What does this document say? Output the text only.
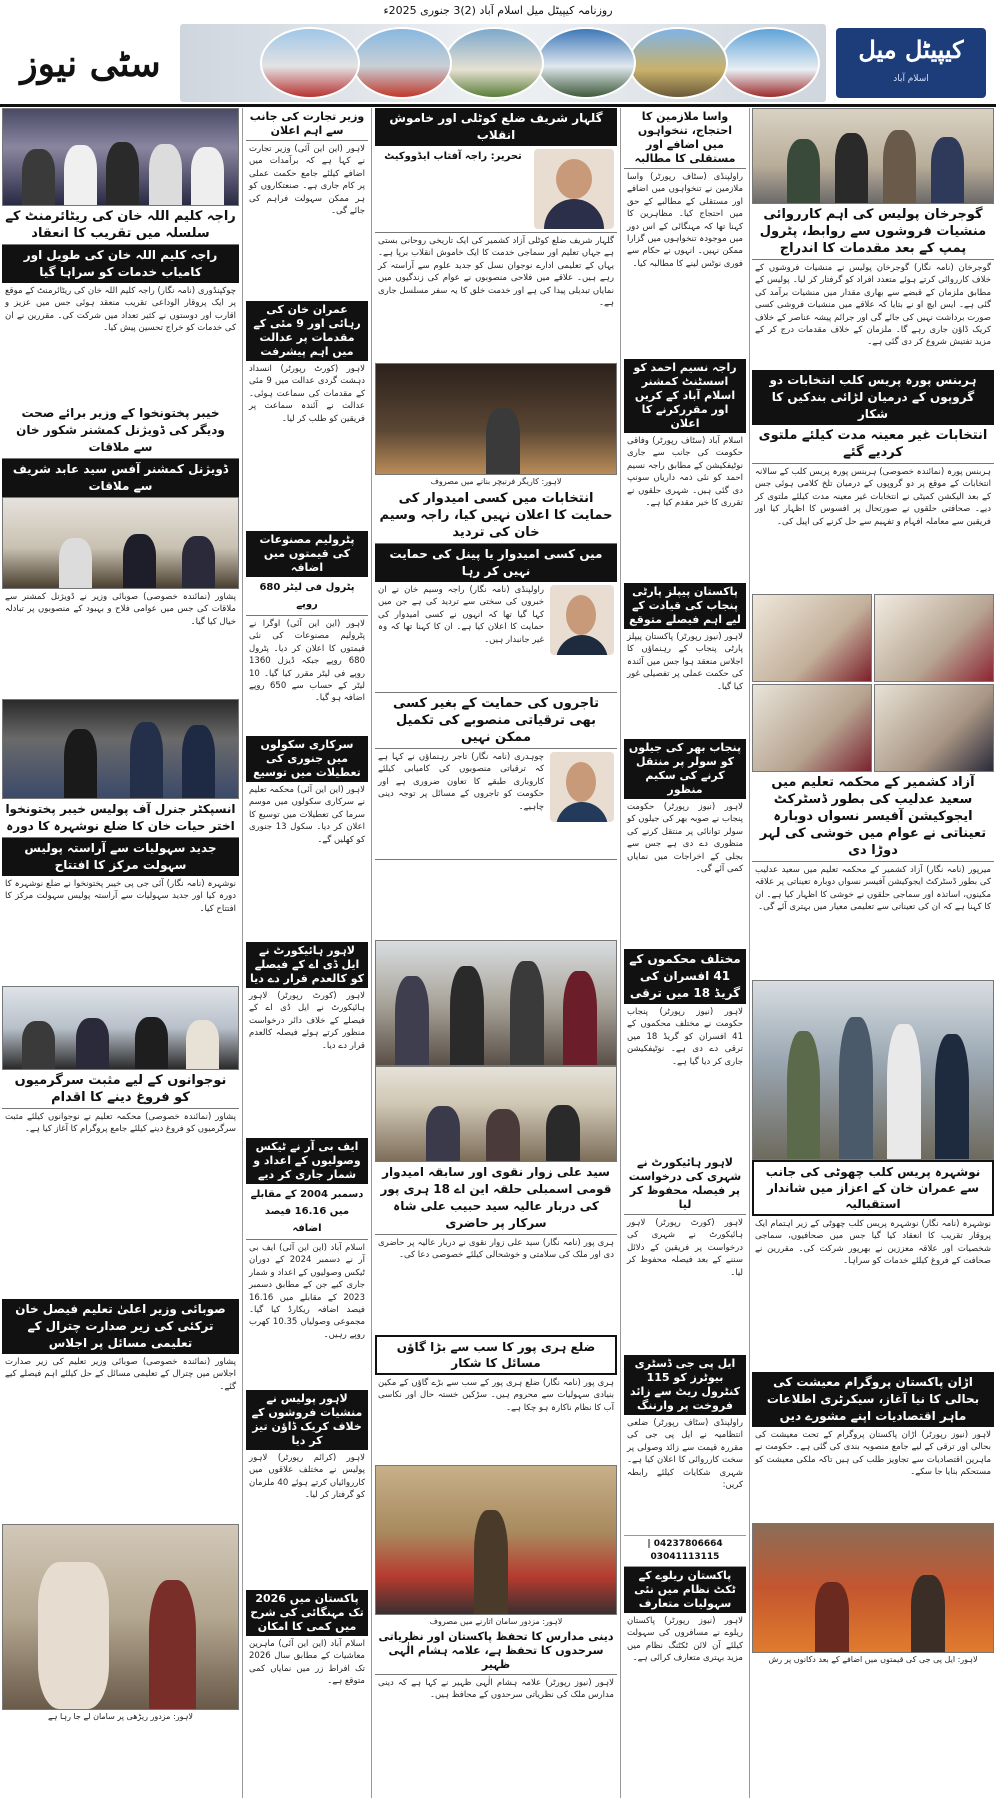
روزنامہ کیپیٹل میل اسلام آباد (2)3 جنوری 2025ء
کیپیٹل میل
اسلام آباد
سٹی نیوز
گوجرخان پولیس کی اہم کارروائی منشیات فروشوں سے روابط، پٹرول پمپ کے بعد مقدمات کا اندراج
گوجرخان (نامہ نگار) گوجرخان پولیس نے منشیات فروشوں کے خلاف کارروائی کرتے ہوئے متعدد افراد کو گرفتار کر لیا۔ پولیس کے مطابق ملزمان کے قبضے سے بھاری مقدار میں منشیات برآمد کی گئی ہے۔ ایس ایچ او نے بتایا کہ علاقے میں منشیات فروشی کسی صورت برداشت نہیں کی جائے گی اور جرائم پیشہ عناصر کے خلاف کریک ڈاؤن جاری رہے گا۔ ملزمان کے خلاف مقدمات درج کر کے مزید تفتیش شروع کر دی گئی ہے۔
ہربنس پورہ پریس کلب انتخابات دو گروپوں کے درمیان لڑائی بندکیں کا شکار
انتخابات غیر معینہ مدت کیلئے ملتوی کردیے گئے
ہربنس پورہ (نمائندہ خصوصی) ہربنس پورہ پریس کلب کے سالانہ انتخابات کے موقع پر دو گروپوں کے درمیان تلخ کلامی ہوئی جس کے بعد الیکشن کمیٹی نے انتخابات غیر معینہ مدت کیلئے ملتوی کر دیے۔ صحافتی حلقوں نے صورتحال پر افسوس کا اظہار کیا اور فریقین سے معاملہ افہام و تفہیم سے حل کرنے کی اپیل کی۔
آزاد کشمیر کے محکمہ تعلیم میں سعید عدلیب کی بطور ڈسٹرکٹ ایجوکیشن آفیسر نسواں دوبارہ تعیناتی نے عوام میں خوشی کی لہر دوڑا دی
میرپور (نامہ نگار) آزاد کشمیر کے محکمہ تعلیم میں سعید عدلیب کی بطور ڈسٹرکٹ ایجوکیشن آفیسر نسواں دوبارہ تعیناتی پر علاقہ مکینوں، اساتذہ اور سماجی حلقوں نے خوشی کا اظہار کیا ہے۔ ان کا کہنا ہے کہ ان کی تعیناتی سے تعلیمی معیار میں بہتری آئے گی۔
نوشہرہ پریس کلب چھوٹی کی جانب سے عمران خان کے اعزاز میں شاندار استقبالیہ
نوشہرہ (نامہ نگار) نوشہرہ پریس کلب چھوٹی کے زیر اہتمام ایک پروقار تقریب کا انعقاد کیا گیا جس میں صحافیوں، سماجی شخصیات اور علاقہ معززین نے بھرپور شرکت کی۔ مقررین نے صحافت کے فروغ کیلئے خدمات کو سراہا۔
اڑان پاکستان پروگرام معیشت کی بحالی کا نیا آغاز، سیکرٹری اطلاعات ماہر اقتصادیات اپنے مشورے دیں
لاہور (نیوز رپورٹر) اڑان پاکستان پروگرام کے تحت معیشت کی بحالی اور ترقی کے لیے جامع منصوبہ بندی کی گئی ہے۔ حکومت نے ماہرین اقتصادیات سے تجاویز طلب کی ہیں تاکہ ملکی معیشت کو مستحکم بنایا جا سکے۔
لاہور: ایل پی جی کی قیمتوں میں اضافے کے بعد دکانوں پر رش
واسا ملازمین کا احتجاج، تنخواہوں میں اضافے اور مستقلی کا مطالبہ
راولپنڈی (سٹاف رپورٹر) واسا ملازمین نے تنخواہوں میں اضافے اور مستقلی کے مطالبے کے حق میں احتجاج کیا۔ مظاہرین کا کہنا تھا کہ مہنگائی کے اس دور میں موجودہ تنخواہوں میں گزارا ممکن نہیں۔ انہوں نے حکام سے فوری نوٹس لینے کا مطالبہ کیا۔
راجہ نسیم احمد کو اسسٹنٹ کمشنر اسلام آباد کے کریں اور مقررکرنے کا اعلان
اسلام آباد (سٹاف رپورٹر) وفاقی حکومت کی جانب سے جاری نوٹیفکیشن کے مطابق راجہ نسیم احمد کو نئی ذمہ داریاں سونپ دی گئی ہیں۔ شہری حلقوں نے تقرری کا خیر مقدم کیا ہے۔
پاکستان پیپلز پارٹی پنجاب کی قیادت کے لیے اہم فیصلے متوقع
لاہور (نیوز رپورٹر) پاکستان پیپلز پارٹی پنجاب کے رہنماؤں کا اجلاس منعقد ہوا جس میں آئندہ کی حکمت عملی پر تفصیلی غور کیا گیا۔
پنجاب بھر کی جیلوں کو سولر پر منتقل کرنے کی سکیم منظور
لاہور (نیوز رپورٹر) حکومت پنجاب نے صوبہ بھر کی جیلوں کو سولر توانائی پر منتقل کرنے کی منظوری دے دی ہے جس سے بجلی کے اخراجات میں نمایاں کمی آئے گی۔
مختلف محکموں کے 41 افسران کی گریڈ 18 میں ترقی
لاہور (نیوز رپورٹر) پنجاب حکومت نے مختلف محکموں کے 41 افسران کو گریڈ 18 میں ترقی دے دی ہے۔ نوٹیفکیشن جاری کر دیا گیا ہے۔
لاہور ہائیکورٹ نے شہری کی درخواست پر فیصلہ محفوظ کر لیا
لاہور (کورٹ رپورٹر) لاہور ہائیکورٹ نے شہری کی درخواست پر فریقین کے دلائل سننے کے بعد فیصلہ محفوظ کر لیا۔
ایل پی جی ڈسٹری بیوٹرز کو 115 کنٹرول ریٹ سے زائد فروخت پر وارننگ
راولپنڈی (سٹاف رپورٹر) ضلعی انتظامیہ نے ایل پی جی کی مقررہ قیمت سے زائد وصولی پر سخت کارروائی کا اعلان کیا ہے۔ شہری شکایات کیلئے رابطہ کریں:
04237806664 | 03041113115
پاکستان ریلوے کے ٹکٹ نظام میں نئی سہولیات متعارف
لاہور (نیوز رپورٹر) پاکستان ریلوے نے مسافروں کی سہولت کیلئے آن لائن ٹکٹنگ نظام میں مزید بہتری متعارف کرائی ہے۔
گلہار شریف ضلع کوٹلی اور خاموش انقلاب
تحریر: راجہ آفتاب ایڈووکیٹ
گلہار شریف ضلع کوٹلی آزاد کشمیر کی ایک تاریخی روحانی بستی ہے جہاں تعلیم اور سماجی خدمت کا ایک خاموش انقلاب برپا ہے۔ یہاں کے تعلیمی ادارے نوجوان نسل کو جدید علوم سے آراستہ کر رہے ہیں۔ علاقے میں فلاحی منصوبوں نے عوام کی زندگیوں میں نمایاں تبدیلی پیدا کی ہے اور خدمت خلق کا یہ سفر مسلسل جاری ہے۔
لاہور: کاریگر فرنیچر بنانے میں مصروف
انتخابات میں کسی امیدوار کی حمایت کا اعلان نہیں کیا، راجہ وسیم خان کی تردید
میں کسی امیدوار یا پینل کی حمایت نہیں کر رہا
راولپنڈی (نامہ نگار) راجہ وسیم خان نے ان خبروں کی سختی سے تردید کی ہے جن میں کہا گیا تھا کہ انہوں نے کسی امیدوار کی حمایت کا اعلان کیا ہے۔ ان کا کہنا تھا کہ وہ غیر جانبدار ہیں۔
تاجروں کی حمایت کے بغیر کسی بھی ترقیاتی منصوبے کی تکمیل ممکن نہیں
چوہدری (نامہ نگار) تاجر رہنماؤں نے کہا ہے کہ ترقیاتی منصوبوں کی کامیابی کیلئے کاروباری طبقے کا تعاون ضروری ہے اور حکومت کو تاجروں کے مسائل پر توجہ دینی چاہیے۔
سید علی زوار نقوی اور سابقہ امیدوار قومی اسمبلی حلقہ این اے 18 ہری پور کی دربار عالیہ سید حبیب علی شاہ سرکار پر حاضری
ہری پور (نامہ نگار) سید علی زوار نقوی نے دربار عالیہ پر حاضری دی اور ملک کی سلامتی و خوشحالی کیلئے خصوصی دعا کی۔
ضلع ہری پور کا سب سے بڑا گاؤں مسائل کا شکار
ہری پور (نامہ نگار) ضلع ہری پور کے سب سے بڑے گاؤں کے مکین بنیادی سہولیات سے محروم ہیں۔ سڑکیں خستہ حال اور نکاسی آب کا نظام ناکارہ ہو چکا ہے۔
لاہور: مزدور سامان اتارنے میں مصروف
دینی مدارس کا تحفظ پاکستان اور نظریاتی سرحدوں کا تحفظ ہے، علامہ ہشام الٰہی ظہیر
لاہور (نیوز رپورٹر) علامہ ہشام الٰہی ظہیر نے کہا ہے کہ دینی مدارس ملک کی نظریاتی سرحدوں کے محافظ ہیں۔
وزیر تجارت کی جانب سے اہم اعلان
لاہور (این این آئی) وزیر تجارت نے کہا ہے کہ برآمدات میں اضافے کیلئے جامع حکمت عملی پر کام جاری ہے۔ صنعتکاروں کو ہر ممکن سہولت فراہم کی جائے گی۔
عمران خان کی رہائی اور 9 مئی کے مقدمات پر عدالت میں اہم پیشرفت
لاہور (کورٹ رپورٹر) انسداد دہشت گردی عدالت میں 9 مئی کے مقدمات کی سماعت ہوئی۔ عدالت نے آئندہ سماعت پر فریقین کو طلب کر لیا۔
پٹرولیم مصنوعات کی قیمتوں میں اضافہ
پٹرول فی لیٹر 680 روپے
لاہور (این این آئی) اوگرا نے پٹرولیم مصنوعات کی نئی قیمتوں کا اعلان کر دیا۔ پٹرول 680 روپے جبکہ ڈیزل 1360 روپے فی لیٹر مقرر کیا گیا۔ 10 لیٹر کے حساب سے 650 روپے اضافہ ہو گیا۔
سرکاری سکولوں میں جنوری کی تعطیلات میں توسیع
لاہور (این این آئی) محکمہ تعلیم نے سرکاری سکولوں میں موسم سرما کی تعطیلات میں توسیع کا اعلان کر دیا۔ سکول 13 جنوری کو کھلیں گے۔
لاہور ہائیکورٹ نے ایل ڈی اے کے فیصلے کو کالعدم قرار دے دیا
لاہور (کورٹ رپورٹر) لاہور ہائیکورٹ نے ایل ڈی اے کے فیصلے کے خلاف دائر درخواست منظور کرتے ہوئے فیصلہ کالعدم قرار دے دیا۔
ایف بی آر نے ٹیکس وصولیوں کے اعداد و شمار جاری کر دیے
دسمبر 2004 کے مقابلے میں 16.16 فیصد اضافہ
اسلام آباد (این این آئی) ایف بی آر نے دسمبر 2024 کے دوران ٹیکس وصولیوں کے اعداد و شمار جاری کیے جن کے مطابق دسمبر 2023 کے مقابلے میں 16.16 فیصد اضافہ ریکارڈ کیا گیا۔ مجموعی وصولیاں 10.35 کھرب روپے رہیں۔
لاہور پولیس نے منشیات فروشوں کے خلاف کریک ڈاؤن تیز کر دیا
لاہور (کرائم رپورٹر) لاہور پولیس نے مختلف علاقوں میں کارروائیاں کرتے ہوئے 40 ملزمان کو گرفتار کر لیا۔
پاکستان میں 2026 تک مہنگائی کی شرح میں کمی کا امکان
اسلام آباد (این این آئی) ماہرین معاشیات کے مطابق سال 2026 تک افراط زر میں نمایاں کمی متوقع ہے۔
راجہ کلیم اللہ خان کی ریٹائرمنٹ کے سلسلہ میں تقریب کا انعقاد
راجہ کلیم اللہ خان کی طویل اور کامیاب خدمات کو سراہا گیا
چوکپنڈوری (نامہ نگار) راجہ کلیم اللہ خان کی ریٹائرمنٹ کے موقع پر ایک پروقار الوداعی تقریب منعقد ہوئی جس میں عزیز و اقارب اور دوستوں نے کثیر تعداد میں شرکت کی۔ مقررین نے ان کی خدمات کو خراج تحسین پیش کیا۔
خیبر پختونخوا کے وزیر برائے صحت ودیگر کی ڈویژنل کمشنر شکور خان سے ملاقات
ڈویژنل کمشنر آفس سید عابد شریف سے ملاقات
پشاور (نمائندہ خصوصی) صوبائی وزیر نے ڈویژنل کمشنر سے ملاقات کی جس میں عوامی فلاح و بہبود کے منصوبوں پر تبادلہ خیال کیا گیا۔
انسپکٹر جنرل آف پولیس خیبر پختونخوا اختر حیات خان کا ضلع نوشہرہ کا دورہ
جدید سہولیات سے آراستہ پولیس سہولت مرکز کا افتتاح
نوشہرہ (نامہ نگار) آئی جی پی خیبر پختونخوا نے ضلع نوشہرہ کا دورہ کیا اور جدید سہولیات سے آراستہ پولیس سہولت مرکز کا افتتاح کیا۔
نوجوانوں کے لیے مثبت سرگرمیوں کو فروغ دینے کا اقدام
پشاور (نمائندہ خصوصی) محکمہ تعلیم نے نوجوانوں کیلئے مثبت سرگرمیوں کو فروغ دینے کیلئے جامع پروگرام کا آغاز کیا ہے۔
صوبائی وزیر اعلیٰ تعلیم فیصل خان ترکئی کی زیر صدارت چترال کے تعلیمی مسائل پر اجلاس
پشاور (نمائندہ خصوصی) صوبائی وزیر تعلیم کی زیر صدارت اجلاس میں چترال کے تعلیمی مسائل کے حل کیلئے اہم فیصلے کیے گئے۔
لاہور: مزدور ریڑھی پر سامان لے جا رہا ہے
